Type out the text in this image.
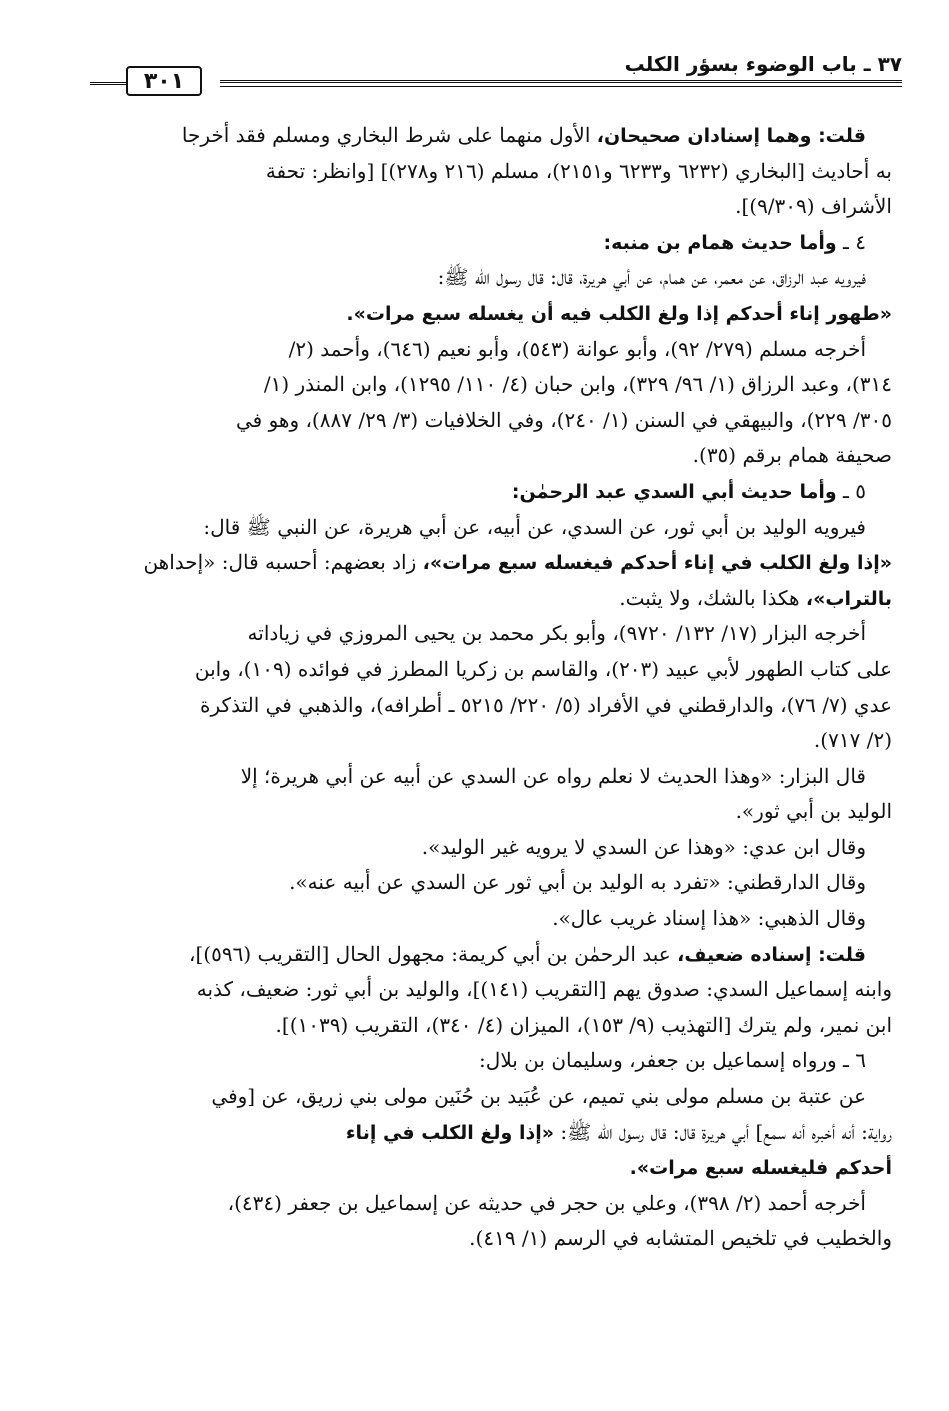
٣٧ ـ باب الوضوء بسؤر الكلب
٣٠١

قلت: وهما إسنادان صحيحان، الأول منهما على شرط البخاري ومسلم فقد أخرجا

به أحاديث [البخاري (٦٢٣٢ و٦٢٣٣ و٢١٥١)، مسلم (٢١٦ و٢٧٨)] [وانظر: تحفة

الأشراف (٩/٣٠٩)].

٤ ـ وأما حديث همام بن منبه:

فيرويه عبد الرزاق، عن معمر، عن همام، عن أبي هريرة، قال: قال رسول الله ﷺ:

«طهور إناء أحدكم إذا ولغ الكلب فيه أن يغسله سبع مرات».

أخرجه مسلم (٢٧٩/ ٩٢)، وأبو عوانة (٥٤٣)، وأبو نعيم (٦٤٦)، وأحمد (٢/

٣١٤)، وعبد الرزاق (١/ ٩٦/ ٣٢٩)، وابن حبان (٤/ ١١٠/ ١٢٩٥)، وابن المنذر (١/

٣٠٥/ ٢٢٩)، والبيهقي في السنن (١/ ٢٤٠)، وفي الخلافيات (٣/ ٢٩/ ٨٨٧)، وهو في

صحيفة همام برقم (٣٥).

٥ ـ وأما حديث أبي السدي عبد الرحمٰن:

فيرويه الوليد بن أبي ثور، عن السدي، عن أبيه، عن أبي هريرة، عن النبي ﷺ قال:

«إذا ولغ الكلب في إناء أحدكم فيغسله سبع مرات»، زاد بعضهم: أحسبه قال: «إحداهن

بالتراب»، هكذا بالشك، ولا يثبت.

أخرجه البزار (١٧/ ١٣٢/ ٩٧٢٠)، وأبو بكر محمد بن يحيى المروزي في زياداته

على كتاب الطهور لأبي عبيد (٢٠٣)، والقاسم بن زكريا المطرز في فوائده (١٠٩)، وابن

عدي (٧/ ٧٦)، والدارقطني في الأفراد (٥/ ٢٢٠/ ٥٢١٥ ـ أطرافه)، والذهبي في التذكرة

(٢/ ٧١٧).

قال البزار: «وهذا الحديث لا نعلم رواه عن السدي عن أبيه عن أبي هريرة؛ إلا

الوليد بن أبي ثور».

وقال ابن عدي: «وهذا عن السدي لا يرويه غير الوليد».

وقال الدارقطني: «تفرد به الوليد بن أبي ثور عن السدي عن أبيه عنه».

وقال الذهبي: «هذا إسناد غريب عال».

قلت: إسناده ضعيف، عبد الرحمٰن بن أبي كريمة: مجهول الحال [التقريب (٥٩٦)]،

وابنه إسماعيل السدي: صدوق يهم [التقريب (١٤١)]، والوليد بن أبي ثور: ضعيف، كذبه

ابن نمير، ولم يترك [التهذيب (٩/ ١٥٣)، الميزان (٤/ ٣٤٠)، التقريب (١٠٣٩)].

٦ ـ ورواه إسماعيل بن جعفر، وسليمان بن بلال:

عن عتبة بن مسلم مولى بني تميم، عن عُبَيد بن حُنَين مولى بني زريق، عن [وفي

رواية: أنه أخبره أنه سمع] أبي هريرة قال: قال رسول الله ﷺ: «إذا ولغ الكلب في إناء

أحدكم فليغسله سبع مرات».

أخرجه أحمد (٢/ ٣٩٨)، وعلي بن حجر في حديثه عن إسماعيل بن جعفر (٤٣٤)،

والخطيب في تلخيص المتشابه في الرسم (١/ ٤١٩).
